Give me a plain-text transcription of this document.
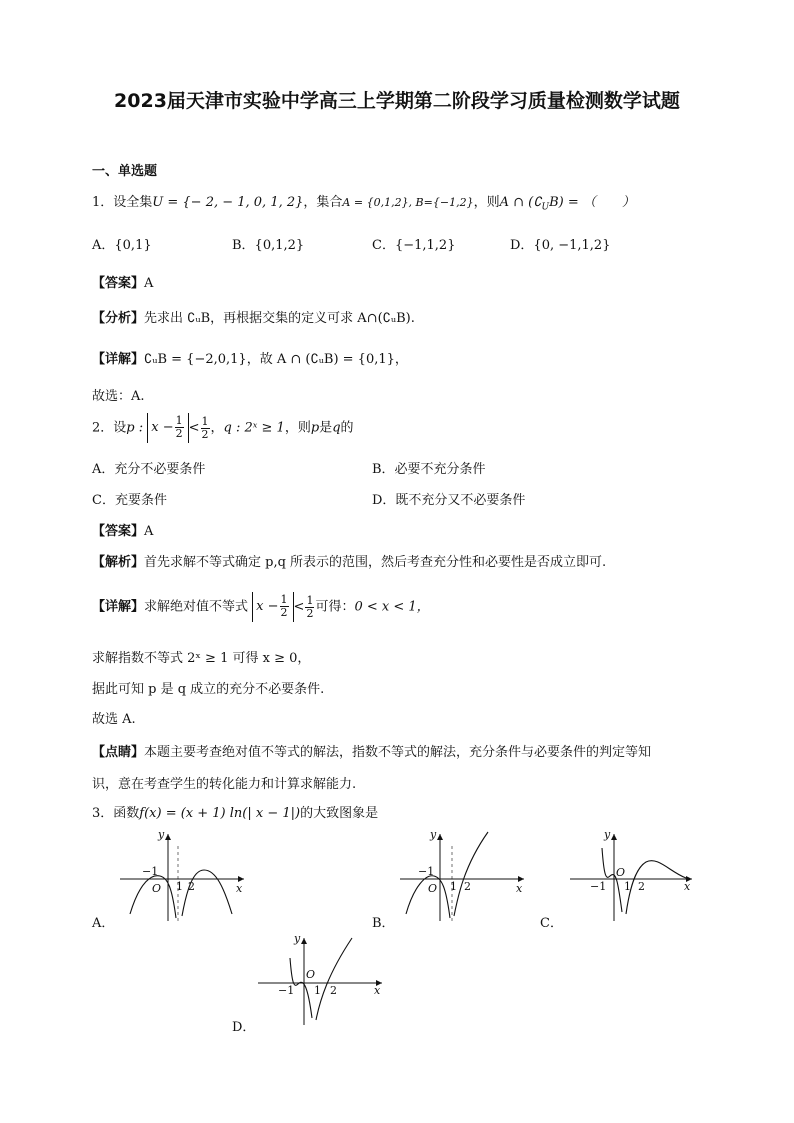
2023届天津市实验中学高三上学期第二阶段学习质量检测数学试题
一、单选题
1．设全集U = {− 2, − 1, 0, 1, 2}，集合A = {0,1,2}, B={−1,2}，则A ∩ $(∁_UB)$ = （　　）
A．{0,1}	B．{0,1,2}	C．{−1,1,2}	D．{0, −1,1,2}
【答案】A
【分析】先求出 ∁ᵤB，再根据交集的定义可求 A∩(∁ᵤB).
【详解】∁ᵤB = {−2,0,1}，故 A ∩ (∁ᵤB) = {0,1}，
故选：A.
2．设p : $x - \frac{1}{2} < \frac{1}{2}$ ，q : 2ˣ ≥ 1，则p是q的
A．充分不必要条件	B．必要不充分条件
C．充要条件	D．既不充分又不必要条件
【答案】A
【解析】首先求解不等式确定 p,q 所表示的范围，然后考查充分性和必要性是否成立即可.
【详解】求解绝对值不等式 $x - \frac{1}{2} < \frac{1}{2}$ 可得：0 < x < 1，
求解指数不等式 2ˣ ≥ 1 可得 x ≥ 0，
据此可知 p 是 q 成立的充分不必要条件.
故选 A.
【点睛】本题主要考查绝对值不等式的解法，指数不等式的解法，充分条件与必要条件的判定等知
识，意在考查学生的转化能力和计算求解能力.
3．函数f(x) = (x + 1) ln(| x − 1|)的大致图象是
A．
x
y
O
−1
1 2
B．
x
y
O
−1
1 2
C．
x
y
O
−1 1 2
D．
x
y
O
−1 1 2
